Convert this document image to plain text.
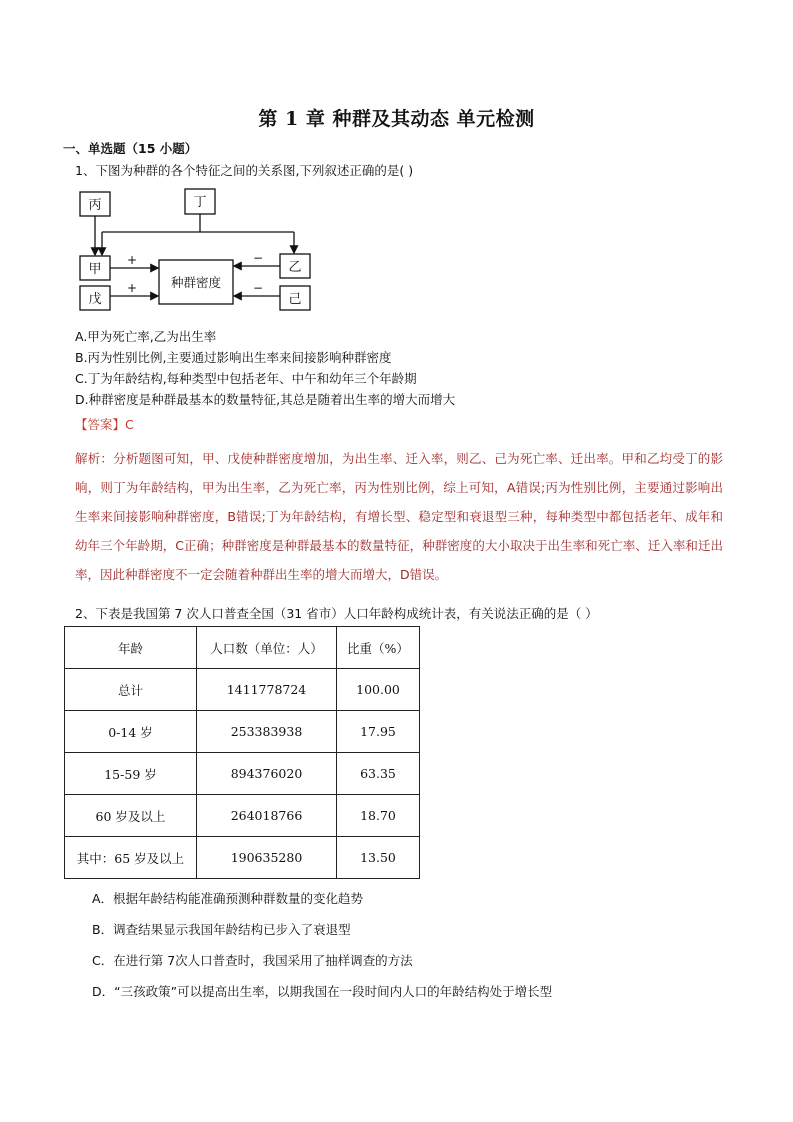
第 1 章 种群及其动态 单元检测
一、单选题（15 小题）
1、下图为种群的各个特征之间的关系图,下列叙述正确的是( )
丙	丁
甲
戊
种群密度
乙
己
+
+
−
−
A.甲为死亡率,乙为出生率
B.丙为性别比例,主要通过影响出生率来间接影响种群密度
C.丁为年龄结构,每种类型中包括老年、中午和幼年三个年龄期
D.种群密度是种群最基本的数量特征,其总是随着出生率的增大而增大
【答案】C
解析：分析题图可知，甲、戊使种群密度增加，为出生率、迁入率，则乙、己为死亡率、迁出率。甲和乙均受丁的影响，则丁为年龄结构，甲为出生率，乙为死亡率，丙为性别比例，综上可知，A错误;丙为性别比例，主要通过影响出生率来间接影响种群密度，B错误;丁为年龄结构，有增长型、稳定型和衰退型三种，每种类型中都包括老年、成年和幼年三个年龄期，C正确；种群密度是种群最基本的数量特征，种群密度的大小取决于出生率和死亡率、迁入率和迁出率，因此种群密度不一定会随着种群出生率的增大而增大，D错误。
2、下表是我国第 7 次人口普查全国（31 省市）人口年龄构成统计表，有关说法正确的是（ ）
年龄	人口数（单位：人）	比重（%）
总计	1411778724	100.00
0-14 岁	253383938	17.95
15-59 岁	894376020	63.35
60 岁及以上	264018766	18.70
其中：65 岁及以上	190635280	13.50
A．根据年龄结构能准确预测种群数量的变化趋势
B．调查结果显示我国年龄结构已步入了衰退型
C．在进行第 7次人口普查时，我国采用了抽样调查的方法
D．“三孩政策”可以提高出生率，以期我国在一段时间内人口的年龄结构处于增长型
